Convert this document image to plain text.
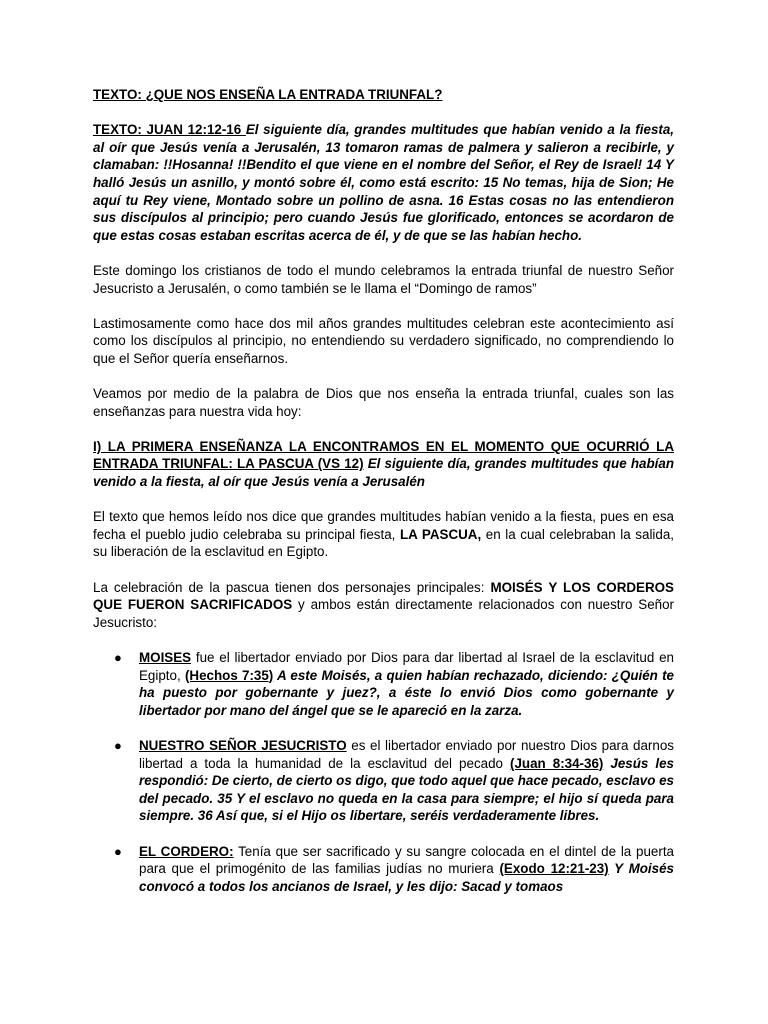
TEXTO: ¿QUE NOS ENSEÑA LA ENTRADA TRIUNFAL?

TEXTO: JUAN 12:12-16 El siguiente día, grandes multitudes que habían venido a la fiesta, al oír que Jesús venía a Jerusalén, 13 tomaron ramas de palmera y salieron a recibirle, y clamaban: !!Hosanna! !!Bendito el que viene en el nombre del Señor, el Rey de Israel! 14 Y halló Jesús un asnillo, y montó sobre él, como está escrito: 15 No temas, hija de Sion; He aquí tu Rey viene, Montado sobre un pollino de asna. 16 Estas cosas no las entendieron sus discípulos al principio; pero cuando Jesús fue glorificado, entonces se acordaron de que estas cosas estaban escritas acerca de él, y de que se las habían hecho.

Este domingo los cristianos de todo el mundo celebramos la entrada triunfal de nuestro Señor Jesucristo a Jerusalén, o como también se le llama el “Domingo de ramos”

Lastimosamente como hace dos mil años grandes multitudes celebran este acontecimiento así como los discípulos al principio, no entendiendo su verdadero significado, no comprendiendo lo que el Señor quería enseñarnos.

Veamos por medio de la palabra de Dios que nos enseña la entrada triunfal, cuales son las enseñanzas para nuestra vida hoy:

I) LA PRIMERA ENSEÑANZA LA ENCONTRAMOS EN EL MOMENTO QUE OCURRIÓ LA ENTRADA TRIUNFAL: LA PASCUA (VS 12) El siguiente día, grandes multitudes que habían venido a la fiesta, al oír que Jesús venía a Jerusalén

El texto que hemos leído nos dice que grandes multitudes habían venido a la fiesta, pues en esa fecha el pueblo judio celebraba su principal fiesta, LA PASCUA, en la cual celebraban la salida, su liberación de la esclavitud en Egipto.

La celebración de la pascua tienen dos personajes principales: MOISÉS Y LOS CORDEROS QUE FUERON SACRIFICADOS y ambos están directamente relacionados con nuestro Señor Jesucristo:

● MOISES fue el libertador enviado por Dios para dar libertad al Israel de la esclavitud en Egipto, (Hechos 7:35) A este Moisés, a quien habían rechazado, diciendo: ¿Quién te ha puesto por gobernante y juez?, a éste lo envió Dios como gobernante y libertador por mano del ángel que se le apareció en la zarza.
● NUESTRO SEÑOR JESUCRISTO es el libertador enviado por nuestro Dios para darnos libertad a toda la humanidad de la esclavitud del pecado (Juan 8:34-36) Jesús les respondió: De cierto, de cierto os digo, que todo aquel que hace pecado, esclavo es del pecado. 35 Y el esclavo no queda en la casa para siempre; el hijo sí queda para siempre. 36 Así que, si el Hijo os libertare, seréis verdaderamente libres.
● EL CORDERO: Tenía que ser sacrificado y su sangre colocada en el dintel de la puerta para que el primogénito de las familias judías no muriera (Exodo 12:21-23) Y Moisés convocó a todos los ancianos de Israel, y les dijo: Sacad y tomaos
